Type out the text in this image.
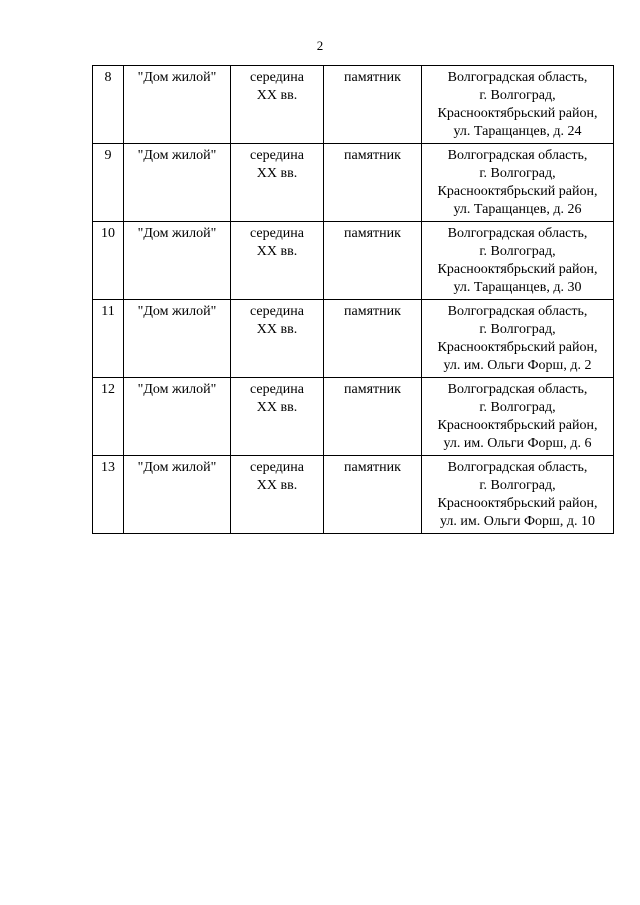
2
8	"Дом жилой"	середина
XX вв.	памятник	Волгоградская область,
г. Волгоград,
Краснооктябрьский район,
ул. Таращанцев, д. 24

9	"Дом жилой"	середина
XX вв.	памятник	Волгоградская область,
г. Волгоград,
Краснооктябрьский район,
ул. Таращанцев, д. 26

10	"Дом жилой"	середина
XX вв.	памятник	Волгоградская область,
г. Волгоград,
Краснооктябрьский район,
ул. Таращанцев, д. 30

11	"Дом жилой"	середина
XX вв.	памятник	Волгоградская область,
г. Волгоград,
Краснооктябрьский район,
ул. им. Ольги Форш, д. 2

12	"Дом жилой"	середина
XX вв.	памятник	Волгоградская область,
г. Волгоград,
Краснооктябрьский район,
ул. им. Ольги Форш, д. 6

13	"Дом жилой"	середина
XX вв.	памятник	Волгоградская область,
г. Волгоград,
Краснооктябрьский район,
ул. им. Ольги Форш, д. 10
